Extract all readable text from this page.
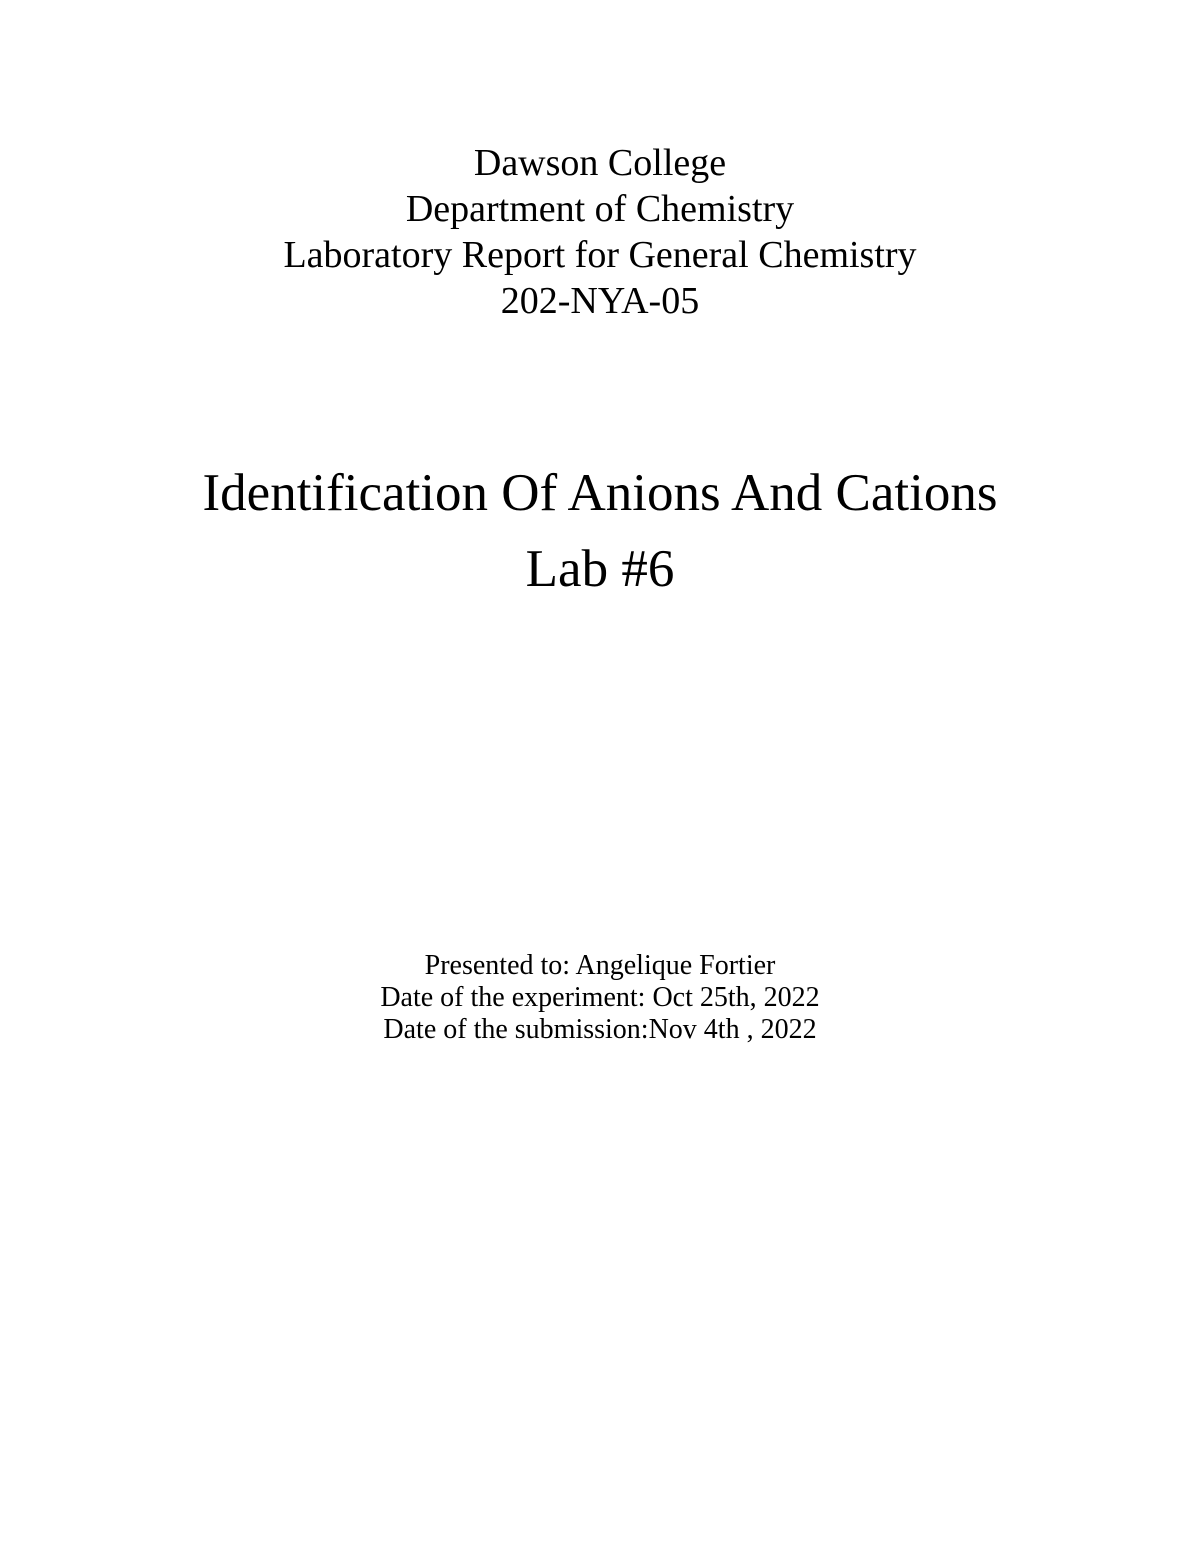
Dawson College
Department of Chemistry
Laboratory Report for General Chemistry
202-NYA-05
Identification Of Anions And Cations
Lab #6
Presented to: Angelique Fortier
Date of the experiment: Oct 25th, 2022
Date of the submission:Nov 4th , 2022
